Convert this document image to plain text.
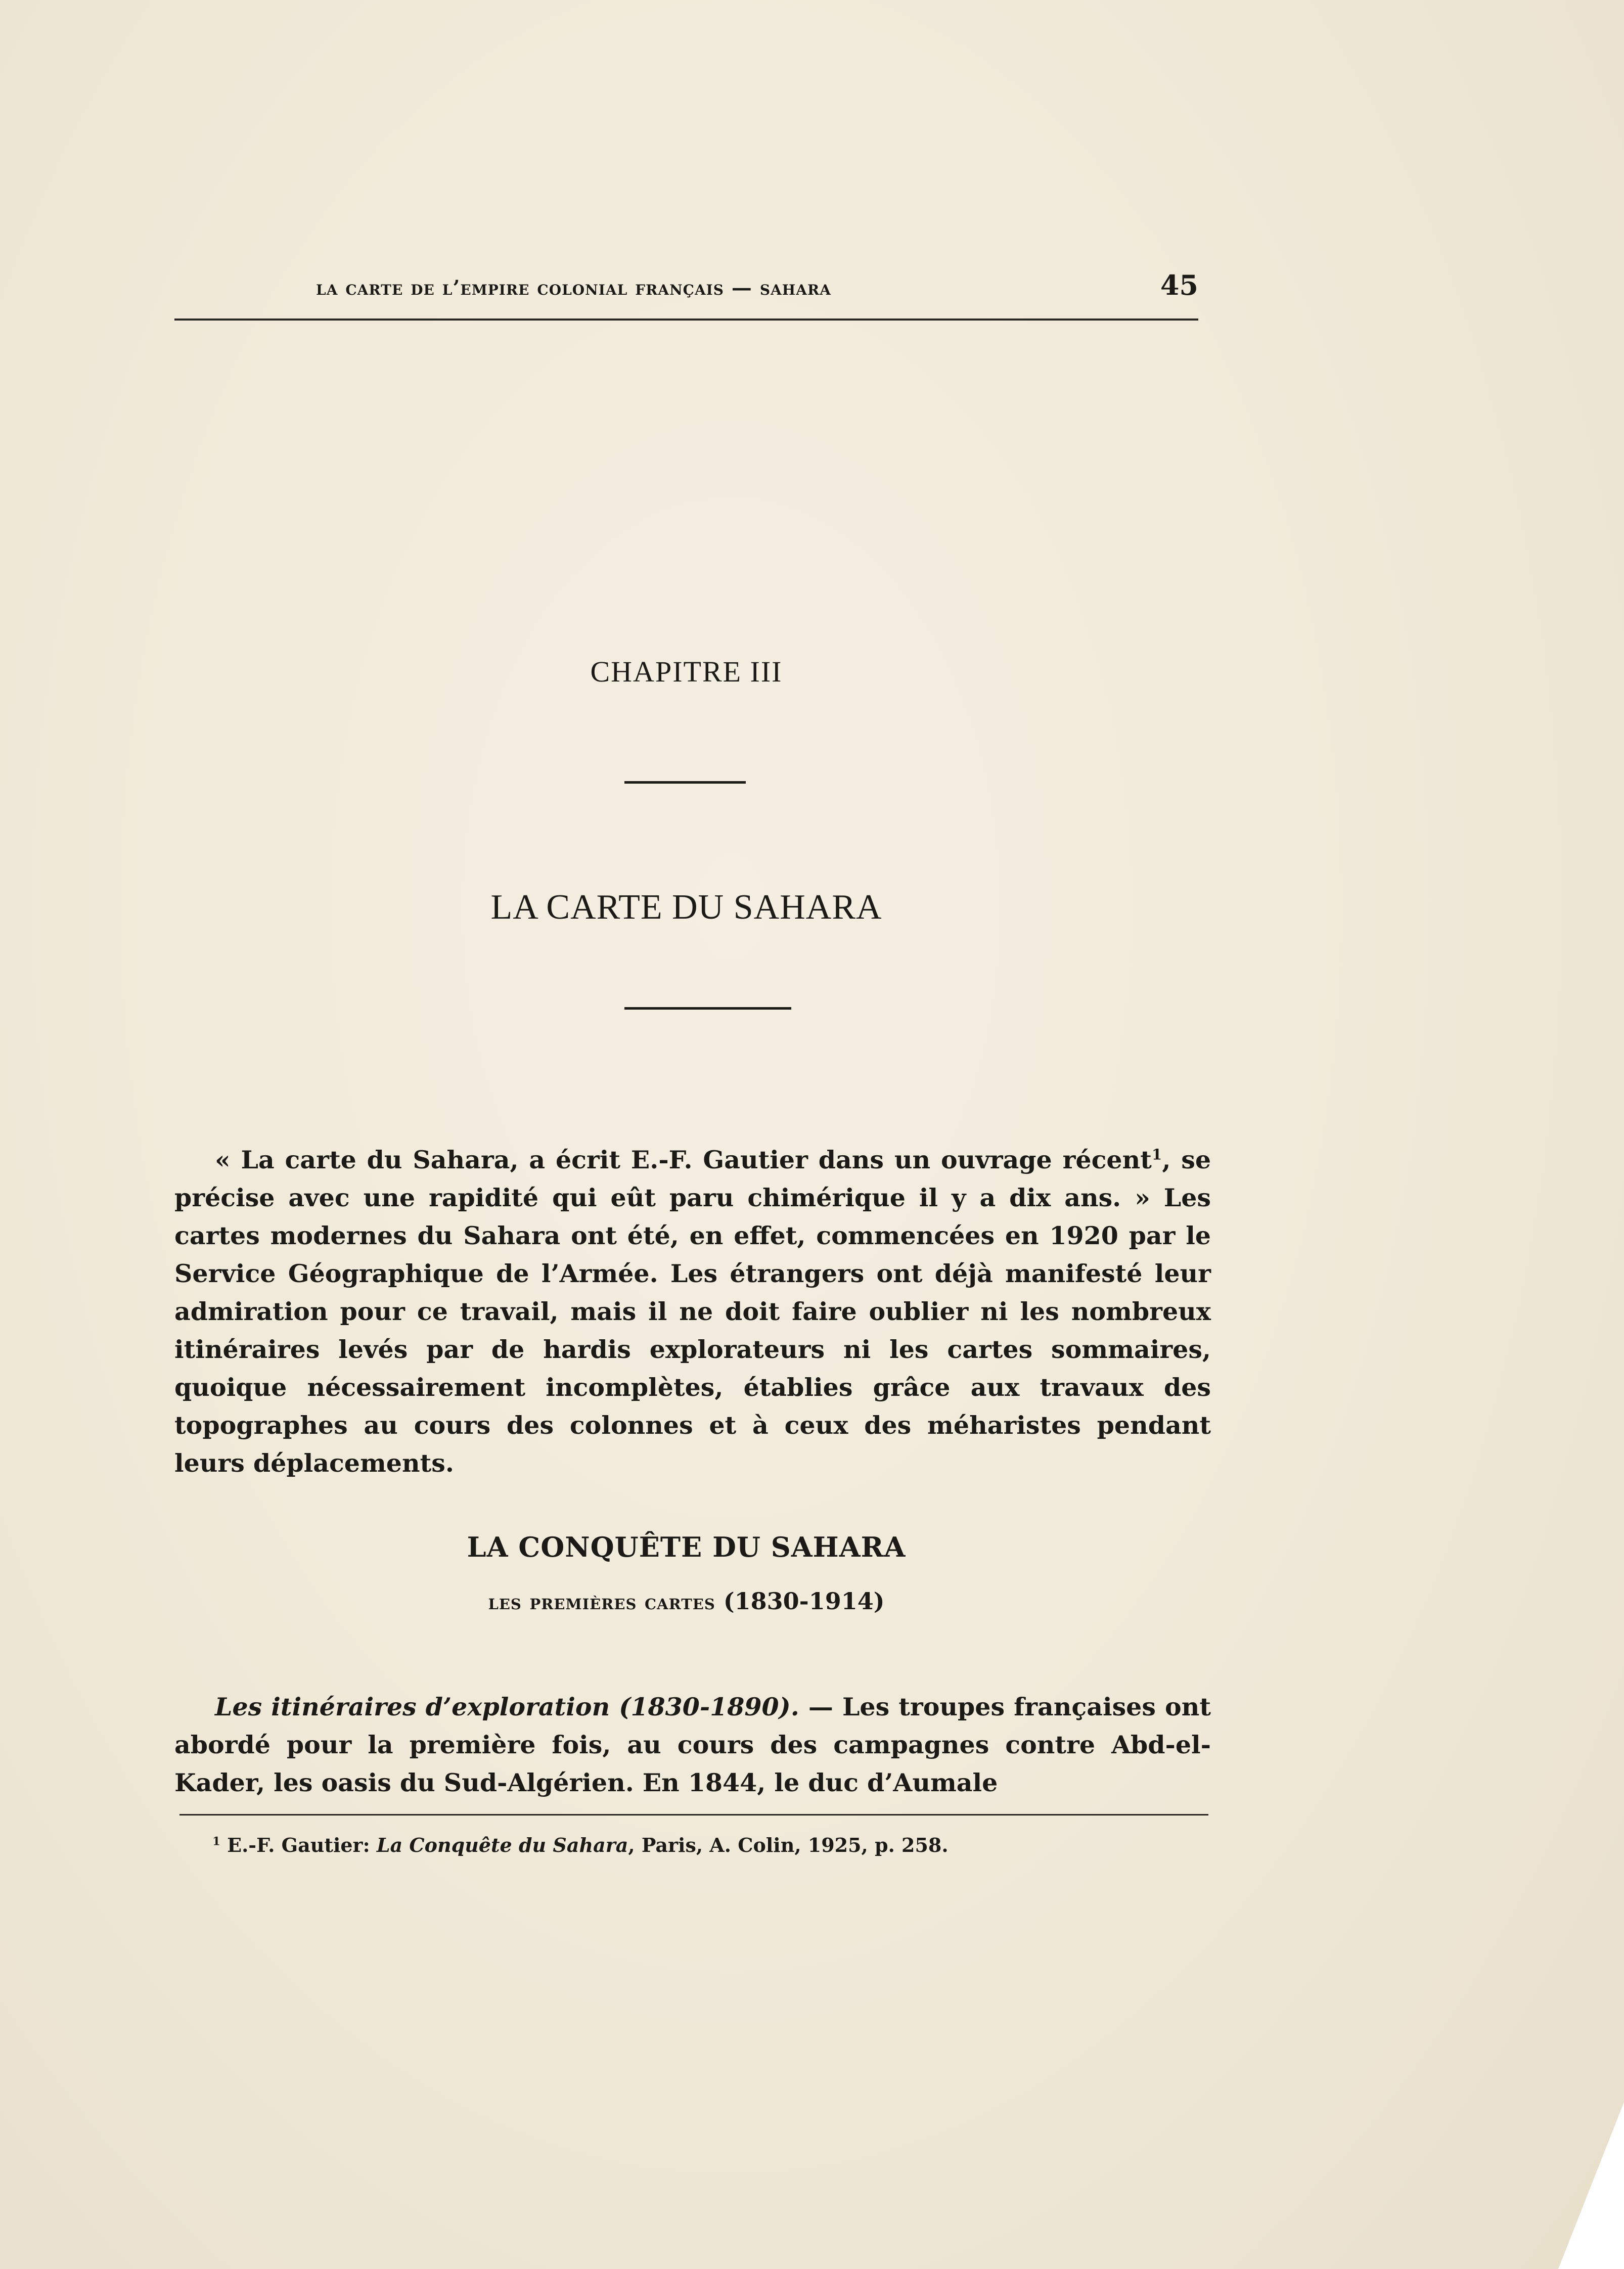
la carte de l’empire colonial français — sahara	45
CHAPITRE III
LA CARTE DU SAHARA

« La carte du Sahara, a écrit E.-F. Gautier dans un ouvrage récent$^1$, se précise avec une rapidité qui eût paru chimérique il y a dix ans. » Les cartes modernes du Sahara ont été, en effet, commencées en 1920 par le Service Géographique de l’Armée. Les étrangers ont déjà manifesté leur admiration pour ce travail, mais il ne doit faire oublier ni les nombreux itinéraires levés par de hardis explorateurs ni les cartes sommaires, quoique nécessairement incomplètes, établies grâce aux travaux des topographes au cours des colonnes et à ceux des méharistes pendant leurs déplacements.

LA CONQUÊTE DU SAHARA
les premières cartes (1830-1914)

Les itinéraires d’exploration (1830-1890). — Les troupes françaises ont abordé pour la première fois, au cours des campagnes contre Abd-el-Kader, les oasis du Sud-Algérien. En 1844, le duc d’Aumale

$^1$ E.-F. Gautier: La Conquête du Sahara, Paris, A. Colin, 1925, p. 258.
